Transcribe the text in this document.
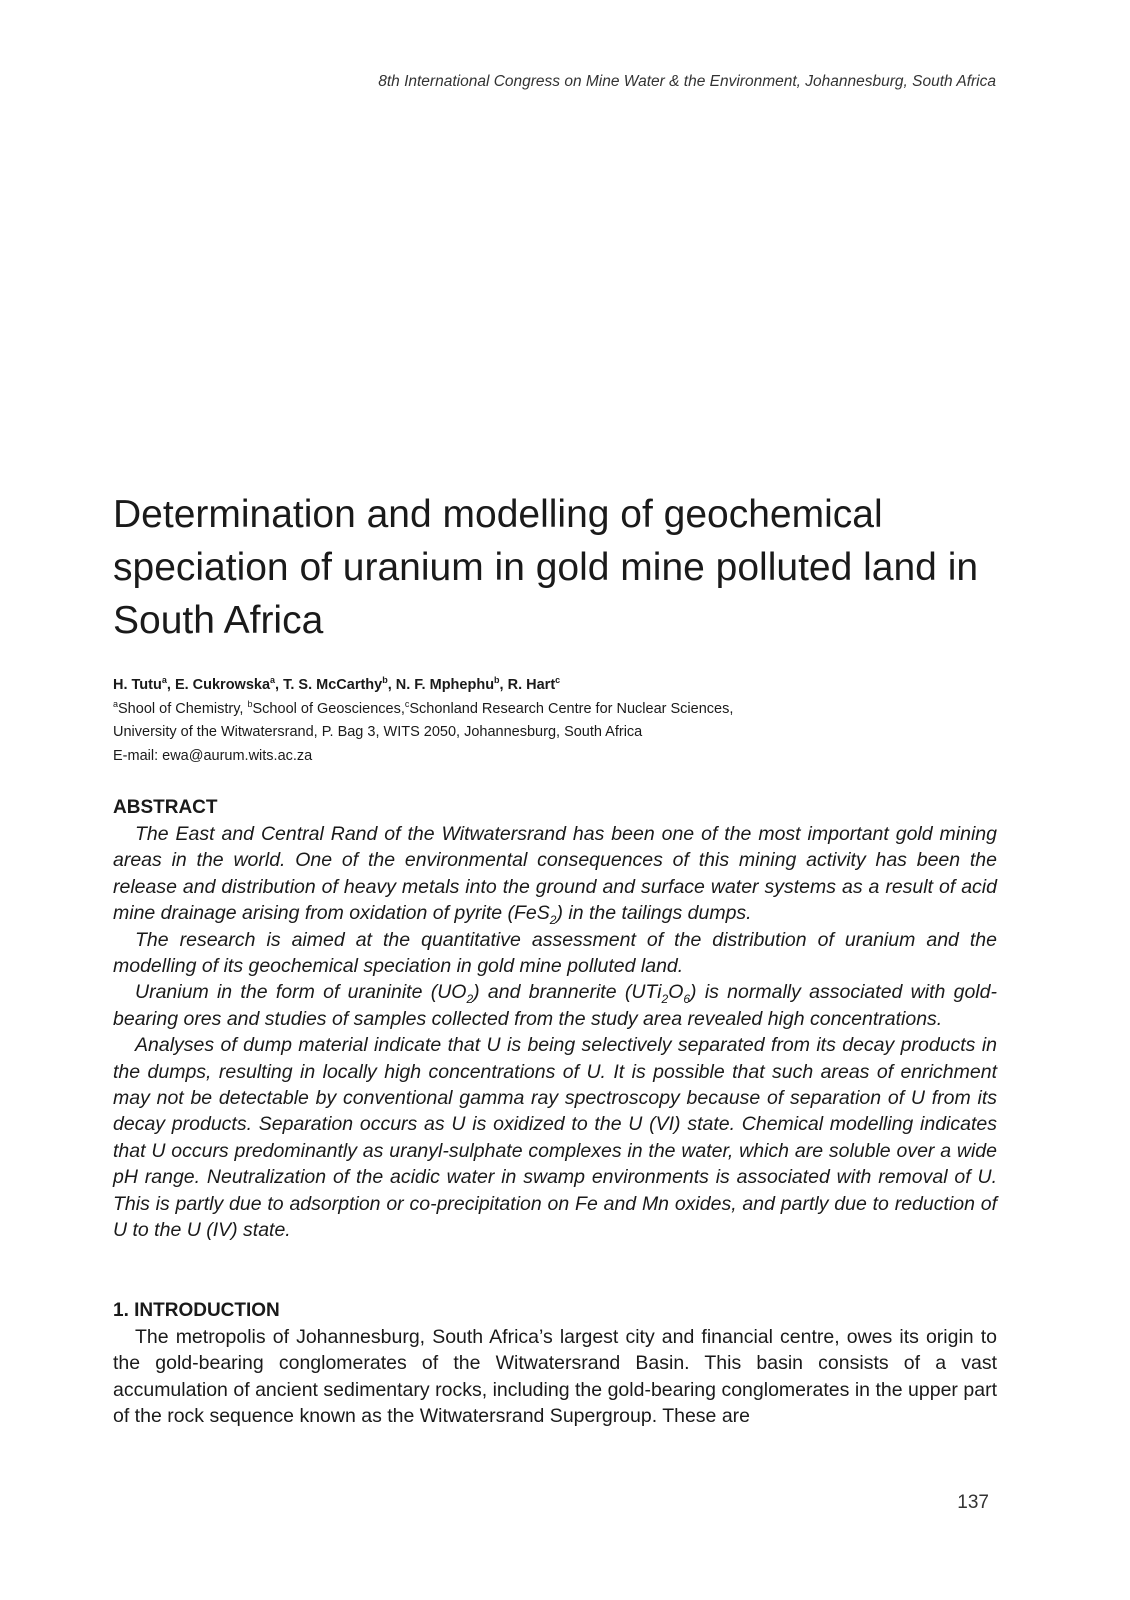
8th International Congress on Mine Water & the Environment, Johannesburg, South Africa
Determination and modelling of geochemical
speciation of uranium in gold mine polluted land in
South Africa
H. Tutu$^a$, E. Cukrowska$^a$, T. S. McCarthy$^b$, N. F. Mphephu$^b$, R. Hart$^c$
$^a$Shool of Chemistry, $^b$School of Geosciences,$^c$Schonland Research Centre for Nuclear Sciences,
University of the Witwatersrand, P. Bag 3, WITS 2050, Johannesburg, South Africa
E-mail: ewa@aurum.wits.ac.za
ABSTRACT

The East and Central Rand of the Witwatersrand has been one of the most important gold mining areas in the world. One of the environmental consequences of this mining activity has been the release and distribution of heavy metals into the ground and surface water systems as a result of acid mine drainage arising from oxidation of pyrite (FeS$_2$) in the tailings dumps.

The research is aimed at the quantitative assessment of the distribution of uranium and the modelling of its geochemical speciation in gold mine polluted land.

Uranium in the form of uraninite $(UO_2)$ and brannerite $(UTi_2O_6)$ is normally associated with gold-bearing ores and studies of samples collected from the study area revealed high concentrations.

Analyses of dump material indicate that U is being selectively separated from its decay products in the dumps, resulting in locally high concentrations of U. It is possible that such areas of enrichment may not be detectable by conventional gamma ray spectroscopy because of separation of U from its decay products. Separation occurs as U is oxidized to the U (VI) state. Chemical modelling indicates that U occurs predominantly as uranyl-sulphate complexes in the water, which are soluble over a wide pH range. Neutralization of the acidic water in swamp environments is associated with removal of U. This is partly due to adsorption or co-precipitation on Fe and Mn oxides, and partly due to reduction of U to the U (IV) state.

1. INTRODUCTION

The metropolis of Johannesburg, South Africa’s largest city and financial centre, owes its origin to the gold-bearing conglomerates of the Witwatersrand Basin. This basin consists of a vast accumulation of ancient sedimentary rocks, including the gold-bearing conglomerates in the upper part of the rock sequence known as the Witwatersrand Supergroup. These are

137
